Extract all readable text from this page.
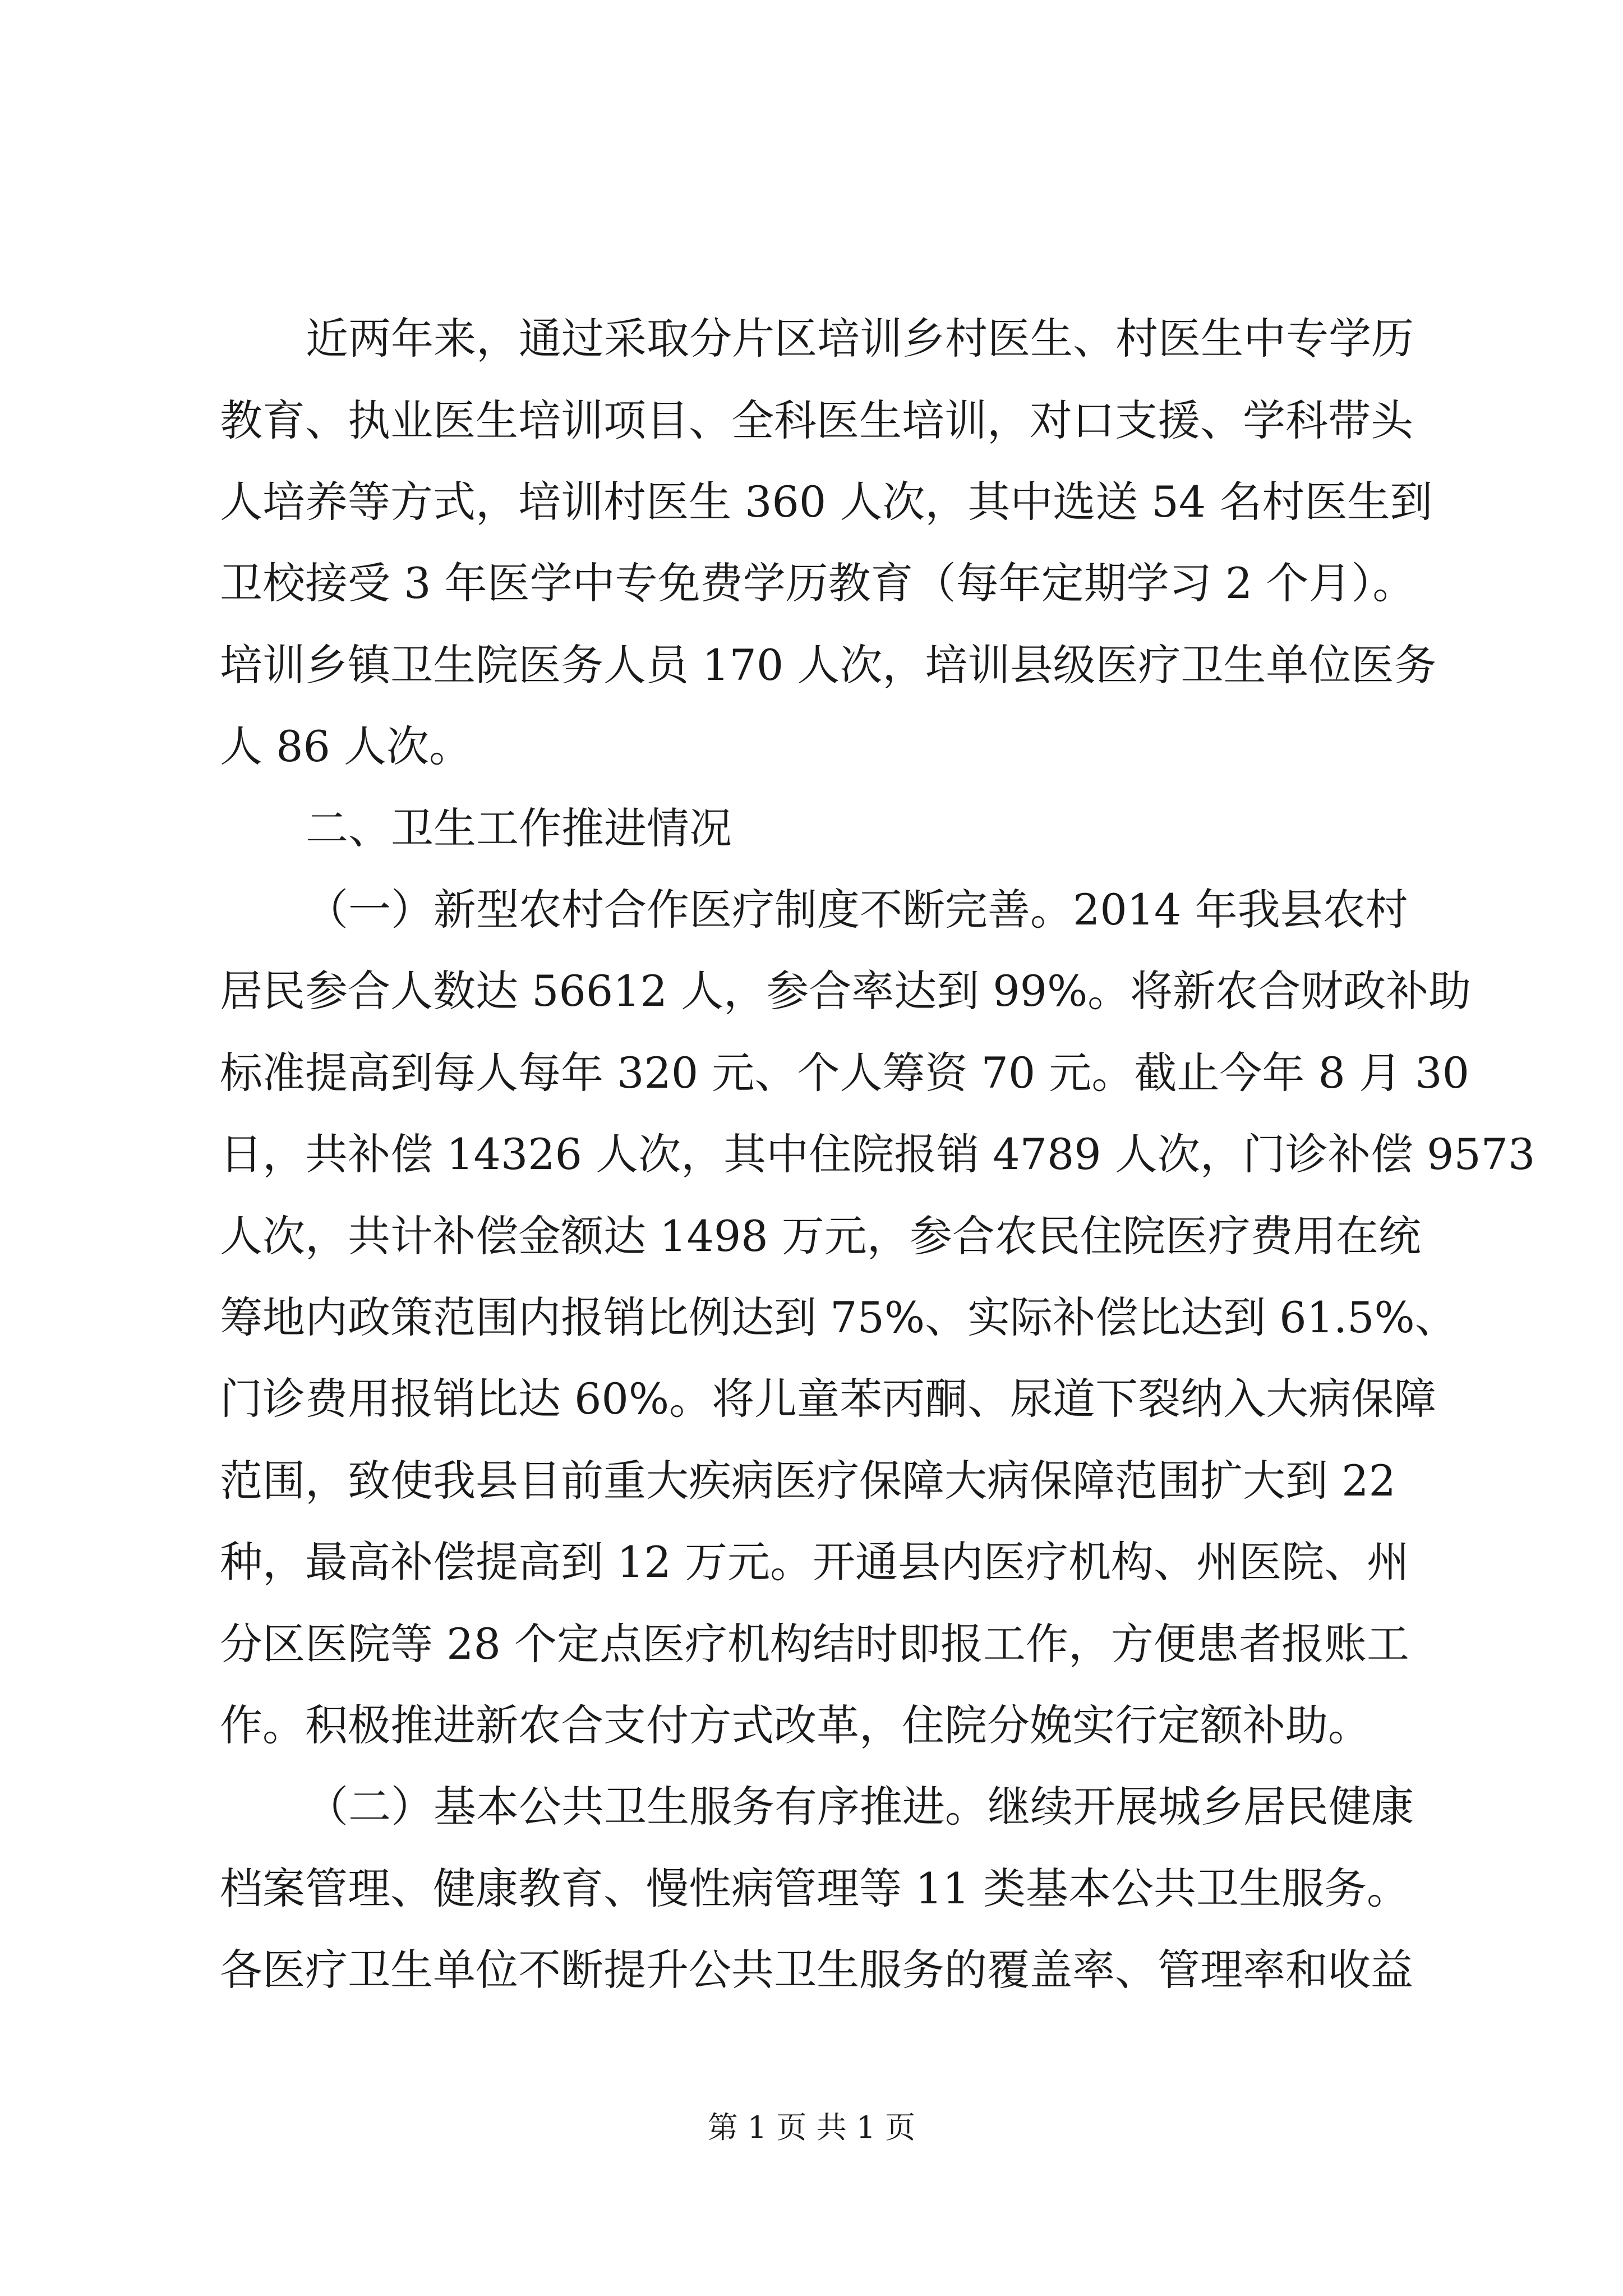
近两年来，通过采取分片区培训乡村医生、村医生中专学历
教育、执业医生培训项目、全科医生培训，对口支援、学科带头
人培养等方式，培训村医生 360 人次，其中选送 54 名村医生到
卫校接受 3 年医学中专免费学历教育（每年定期学习 2 个月）。
培训乡镇卫生院医务人员 170 人次，培训县级医疗卫生单位医务
人 86 人次。
二、卫生工作推进情况
（一）新型农村合作医疗制度不断完善。2014 年我县农村
居民参合人数达 56612 人，参合率达到 99%。将新农合财政补助
标准提高到每人每年 320 元、个人筹资 70 元。截止今年 8 月 30
日，共补偿 14326 人次，其中住院报销 4789 人次，门诊补偿 9573
人次，共计补偿金额达 1498 万元，参合农民住院医疗费用在统
筹地内政策范围内报销比例达到 75%、实际补偿比达到 61.5%、
门诊费用报销比达 60%。将儿童苯丙酮、尿道下裂纳入大病保障
范围，致使我县目前重大疾病医疗保障大病保障范围扩大到 22
种，最高补偿提高到 12 万元。开通县内医疗机构、州医院、州
分区医院等 28 个定点医疗机构结时即报工作，方便患者报账工
作。积极推进新农合支付方式改革，住院分娩实行定额补助。
（二）基本公共卫生服务有序推进。继续开展城乡居民健康
档案管理、健康教育、慢性病管理等 11 类基本公共卫生服务。
各医疗卫生单位不断提升公共卫生服务的覆盖率、管理率和收益
第 1 页 共 1 页
